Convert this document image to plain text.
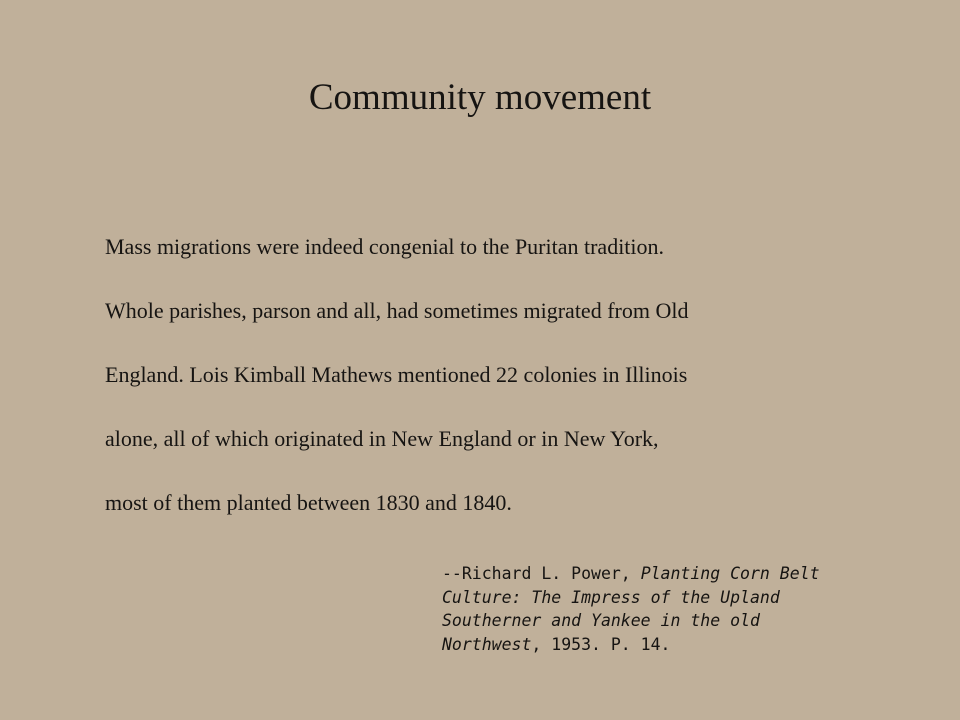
Community movement
Mass migrations were indeed congenial to the Puritan tradition.
Whole parishes, parson and all, had sometimes migrated from Old
England. Lois Kimball Mathews mentioned 22 colonies in Illinois
alone, all of which originated in New England or in New York,
most of them planted between 1830 and 1840.
--Richard L. Power, Planting Corn Belt
Culture: The Impress of the Upland
Southerner and Yankee in the old
Northwest, 1953. P. 14.
